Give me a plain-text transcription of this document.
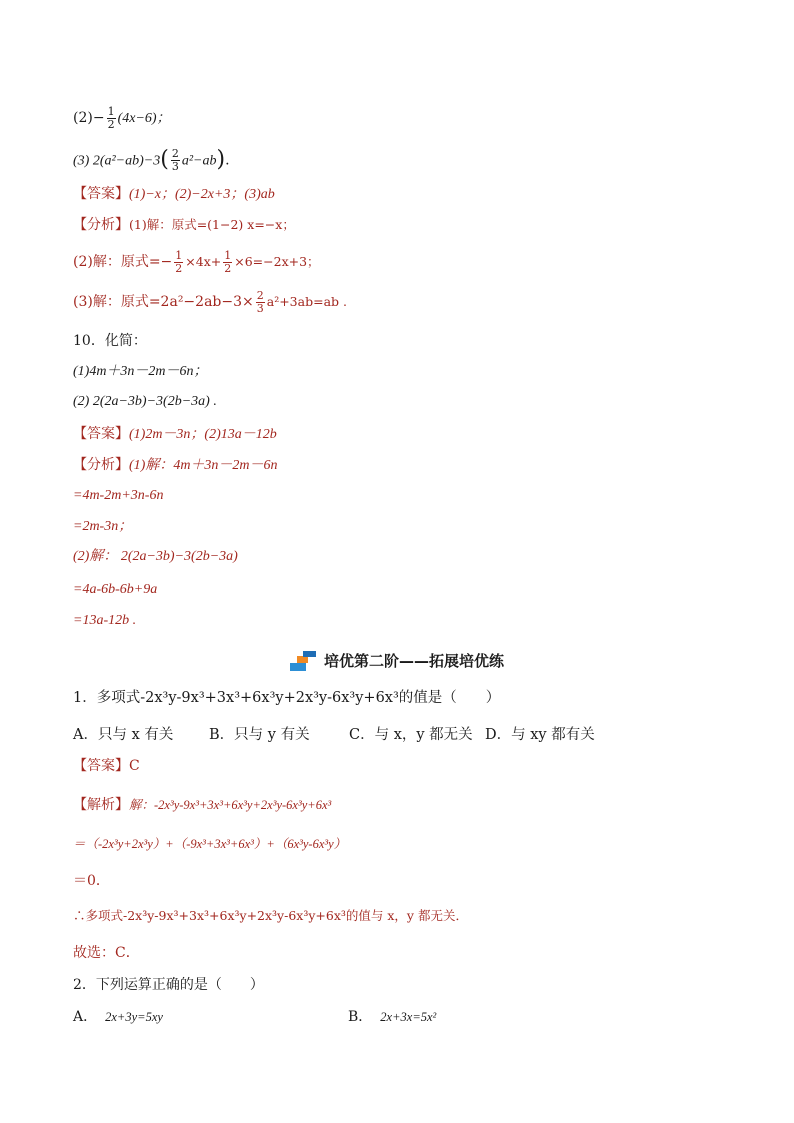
$(2)- \frac{1}{2} (4x-6)$；
(3) $2(a^2-ab)-3( \frac{2}{3} a^2-ab)$.
【答案】(1)−x；(2)−2x+3；(3)ab
【分析】(1)解：原式=(1−2) x=−x；
(2)解：原式=− $\frac{1}{2} \times 4x+ \frac{1}{2} \times 6=-2x+3$；
(3)解：原式$=2a^2-2ab-3\times \frac{2}{3} a^2+3ab=ab$ .
10．化简：
(1)4m＋3n－2m－6n；
(2) 2(2a−3b)−3(2b−3a) .
【答案】(1)2m－3n；(2)13a－12b
【分析】(1)解：4m＋3n－2m－6n
=4m-2m+3n-6n
=2m-3n；
(2)解： 2(2a−3b)−3(2b−3a)
=4a-6b-6b+9a
=13a-12b .
培优第二阶——拓展培优练
1．多项式-2x³y-9x³+3x³+6x³y+2x³y-6x³y+6x³的值是（　　）
A．只与 x 有关 B．只与 y 有关	C．与 x，y 都无关 D．与 xy 都有关
【答案】C
【解析】解：-2x³y-9x³+3x³+6x³y+2x³y-6x³y+6x³
＝（-2x³y+2x³y）+（-9x³+3x³+6x³）+（6x³y-6x³y）
＝0．
∴多项式-2x³y-9x³+3x³+6x³y+2x³y-6x³y+6x³的值与 x，y 都无关．
故选：C．
2．下列运算正确的是（　　）
A． 2x+3y=5xy	B． 2x+3x=5x²
